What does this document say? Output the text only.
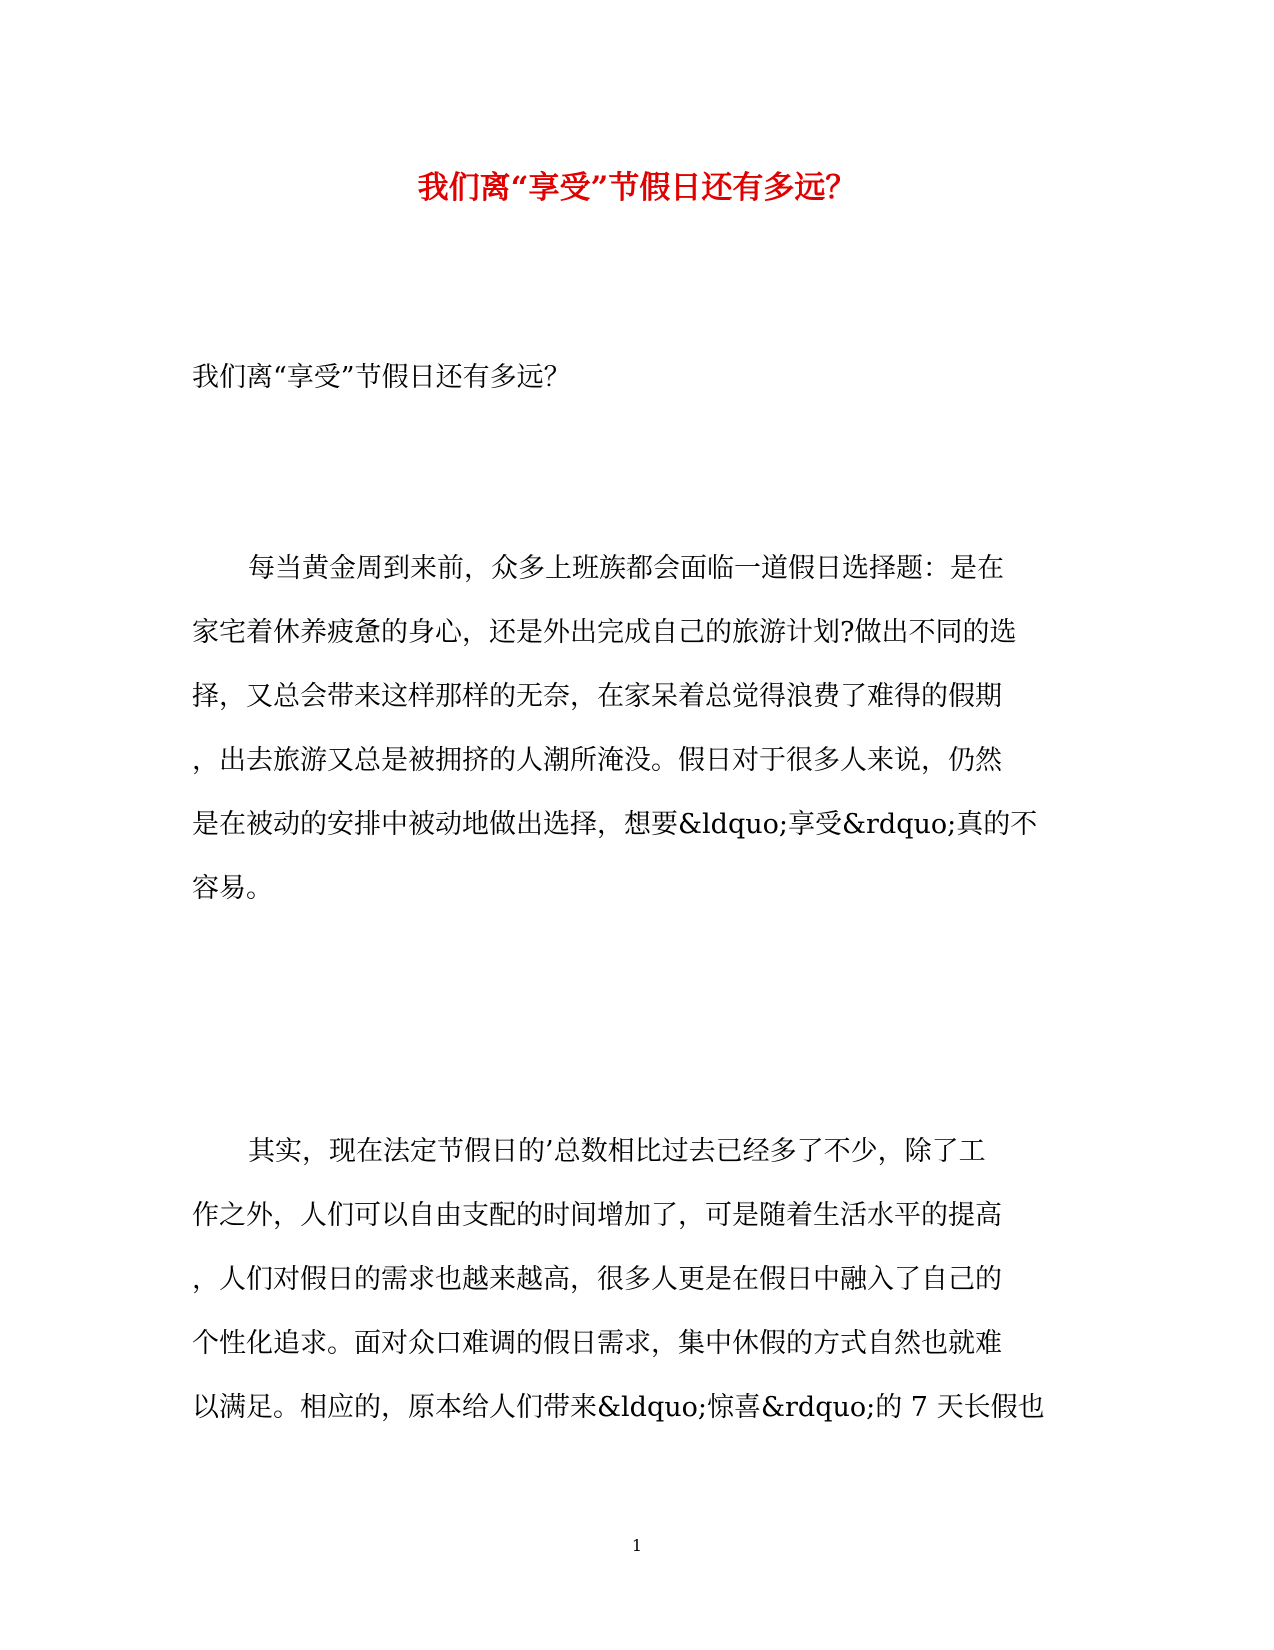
我们离“享受”节假日还有多远？
我们离“享受”节假日还有多远？
每当黄金周到来前，众多上班族都会面临一道假日选择题：是在
家宅着休养疲惫的身心，还是外出完成自己的旅游计划?做出不同的选
择，又总会带来这样那样的无奈，在家呆着总觉得浪费了难得的假期
，出去旅游又总是被拥挤的人潮所淹没。假日对于很多人来说，仍然
是在被动的安排中被动地做出选择，想要&ldquo;享受&rdquo;真的不
容易。
其实，现在法定节假日的’总数相比过去已经多了不少，除了工
作之外，人们可以自由支配的时间增加了，可是随着生活水平的提高
，人们对假日的需求也越来越高，很多人更是在假日中融入了自己的
个性化追求。面对众口难调的假日需求，集中休假的方式自然也就难
以满足。相应的，原本给人们带来&ldquo;惊喜&rdquo;的 7 天长假也
1
